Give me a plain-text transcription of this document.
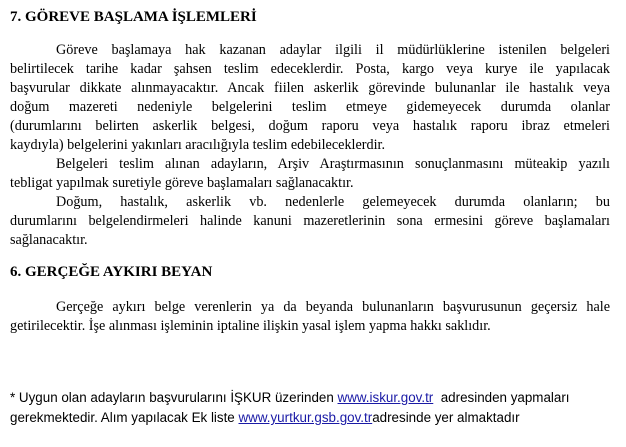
7. GÖREVE BAŞLAMA İŞLEMLERİ
Göreve başlamaya hak kazanan adaylar ilgili il müdürlüklerine istenilen belgeleri
belirtilecek tarihe kadar şahsen teslim edeceklerdir. Posta, kargo veya kurye ile yapılacak
başvurular dikkate alınmayacaktır. Ancak fiilen askerlik görevinde bulunanlar ile hastalık veya
doğum mazereti nedeniyle belgelerini teslim etmeye gidemeyecek durumda olanlar
(durumlarını belirten askerlik belgesi, doğum raporu veya hastalık raporu ibraz etmeleri
kaydıyla) belgelerini yakınları aracılığıyla teslim edebileceklerdir.
Belgeleri teslim alınan adayların, Arşiv Araştırmasının sonuçlanmasını müteakip yazılı
tebligat yapılmak suretiyle göreve başlamaları sağlanacaktır.
Doğum, hastalık, askerlik vb. nedenlerle gelemeyecek durumda olanların; bu
durumlarını belgelendirmeleri halinde kanuni mazeretlerinin sona ermesini göreve başlamaları
sağlanacaktır.
6. GERÇEĞE AYKIRI BEYAN
Gerçeğe aykırı belge verenlerin ya da beyanda bulunanların başvurusunun geçersiz hale
getirilecektir. İşe alınması işleminin iptaline ilişkin yasal işlem yapma hakkı saklıdır.
* Uygun olan adayların başvurularını İŞKUR üzerinden www.iskur.gov.tr adresinden yapmaları
gerekmektedir. Alım yapılacak Ek liste www.yurtkur.gsb.gov.tradresinde yer almaktadır
